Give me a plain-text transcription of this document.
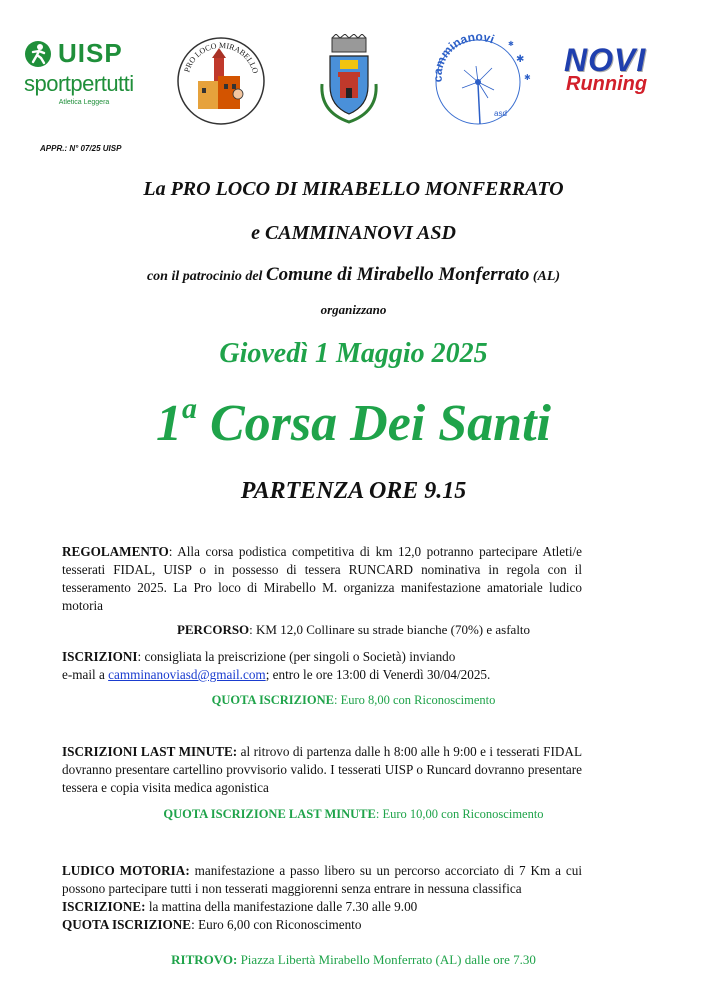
UISP
sportpertutti
Atletica Leggera
PRO LOCO MIRABELLO
camminanovi
✱
✱
✱
asd
NOVI
Running
APPR.: N° 07/25 UISP
La PRO LOCO DI MIRABELLO MONFERRATO
e CAMMINANOVI ASD
con il patrocinio del Comune di Mirabello Monferrato (AL)
organizzano
Giovedì 1 Maggio 2025
1$^a$ Corsa Dei Santi
PARTENZA ORE 9.15
REGOLAMENTO: Alla corsa podistica competitiva di km 12,0 potranno partecipare Atleti/e tesserati FIDAL, UISP o in possesso di tessera RUNCARD nominativa in regola con il tesseramento 2025. La Pro loco di Mirabello M. organizza manifestazione amatoriale ludico motoria
PERCORSO: KM 12,0 Collinare su strade bianche (70%) e asfalto
ISCRIZIONI: consigliata la preiscrizione (per singoli o Società) inviando
e-mail a camminanoviasd@gmail.com; entro le ore 13:00 di Venerdì 30/04/2025.
QUOTA ISCRIZIONE: Euro 8,00 con Riconoscimento
ISCRIZIONI LAST MINUTE: al ritrovo di partenza dalle h 8:00 alle h 9:00 e i tesserati FIDAL dovranno presentare cartellino provvisorio valido. I tesserati UISP o Runcard dovranno presentare tessera e copia visita medica agonistica
QUOTA ISCRIZIONE LAST MINUTE: Euro 10,00 con Riconoscimento
LUDICO MOTORIA: manifestazione a passo libero su un percorso accorciato di 7 Km a cui possono partecipare tutti i non tesserati maggiorenni senza entrare in nessuna classifica
ISCRIZIONE: la mattina della manifestazione dalle 7.30 alle 9.00
QUOTA ISCRIZIONE: Euro 6,00 con Riconoscimento
RITROVO: Piazza Libertà Mirabello Monferrato (AL) dalle ore 7.30
